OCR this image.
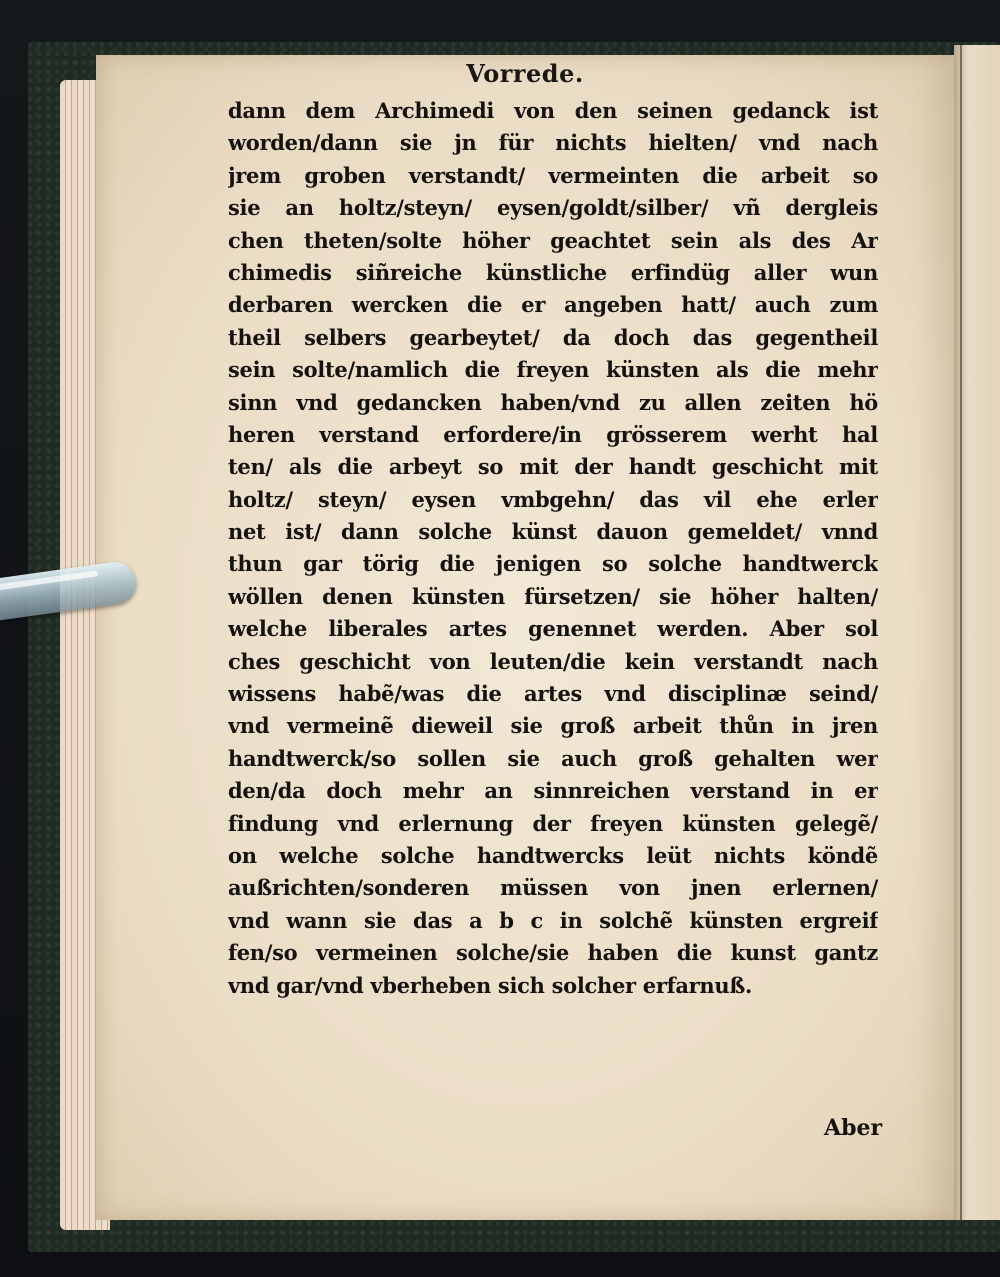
Vorrede.
dann dem Archimedi von den seinen gedanck ist
worden/dann sie jn für nichts hielten/ vnd nach
jrem groben verstandt/ vermeinten die arbeit so
sie an holtz/steyn/ eysen/goldt/silber/ vñ dergleis
chen theten/solte höher geachtet sein als des Ar
chimedis siñreiche künstliche erfindüg aller wun
derbaren wercken die er angeben hatt/ auch zum
theil selbers gearbeytet/ da doch das gegentheil
sein solte/namlich die freyen künsten als die mehr
sinn vnd gedancken haben/vnd zu allen zeiten hö
heren verstand erfordere/in grösserem werht hal
ten/ als die arbeyt so mit der handt geschicht mit
holtz/ steyn/ eysen vmbgehn/ das vil ehe erler
net ist/ dann solche künst dauon gemeldet/ vnnd
thun gar törig die jenigen so solche handtwerck
wöllen denen künsten fürsetzen/ sie höher halten/
welche liberales artes genennet werden. Aber sol
ches geschicht von leuten/die kein verstandt nach
wissens habẽ/was die artes vnd disciplinæ seind/
vnd vermeinẽ dieweil sie groß arbeit thůn in jren
handtwerck/so sollen sie auch groß gehalten wer
den/da doch mehr an sinnreichen verstand in er
findung vnd erlernung der freyen künsten gelegẽ/
on welche solche handtwercks leüt nichts köndẽ
außrichten/sonderen müssen von jnen erlernen/
vnd wann sie das a b c in solchẽ künsten ergreif
fen/so vermeinen solche/sie haben die kunst gantz
vnd gar/vnd vberheben sich solcher erfarnuß.
Aber
